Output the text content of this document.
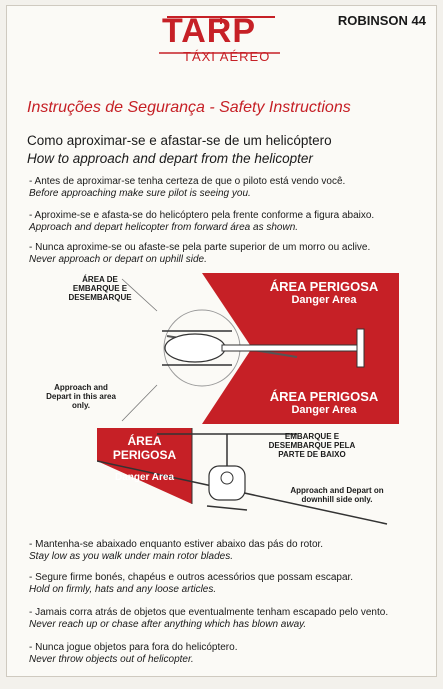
TARP
TÁXI AÉREO
ROBINSON 44
Instruções de Segurança - Safety Instructions
Como aproximar-se e afastar-se de um helicóptero
How to approach and depart from the helicopter
- Antes de aproximar-se tenha certeza de que o piloto está vendo você.
Before approaching make sure pilot is seeing you.
- Aproxime-se e afasta-se do helicóptero pela frente conforme a figura abaixo.
Approach and depart helicopter from forward área as shown.
- Nunca aproxime-se ou afaste-se pela parte superior de um morro ou aclive.
Never approach or depart on uphill side.
ÁREA DE EMBARQUE E DESEMBARQUE
Approach and Depart in this area only.
ÁREA PERIGOSA
Danger Area
ÁREA PERIGOSA
Danger Area
ÁREA PERIGOSA
Danger Area
EMBARQUE E DESEMBARQUE PELA PARTE DE BAIXO
Approach and Depart on downhill side only.
- Mantenha-se abaixado enquanto estiver abaixo das pás do rotor.
Stay low as you walk under main rotor blades.
- Segure firme bonés, chapéus e outros acessórios que possam escapar.
Hold on firmly, hats and any loose articles.
- Jamais corra atrás de objetos que eventualmente tenham escapado pelo vento.
Never reach up or chase after anything which has blown away.
- Nunca jogue objetos para fora do helicóptero.
Never throw objects out of helicopter.
